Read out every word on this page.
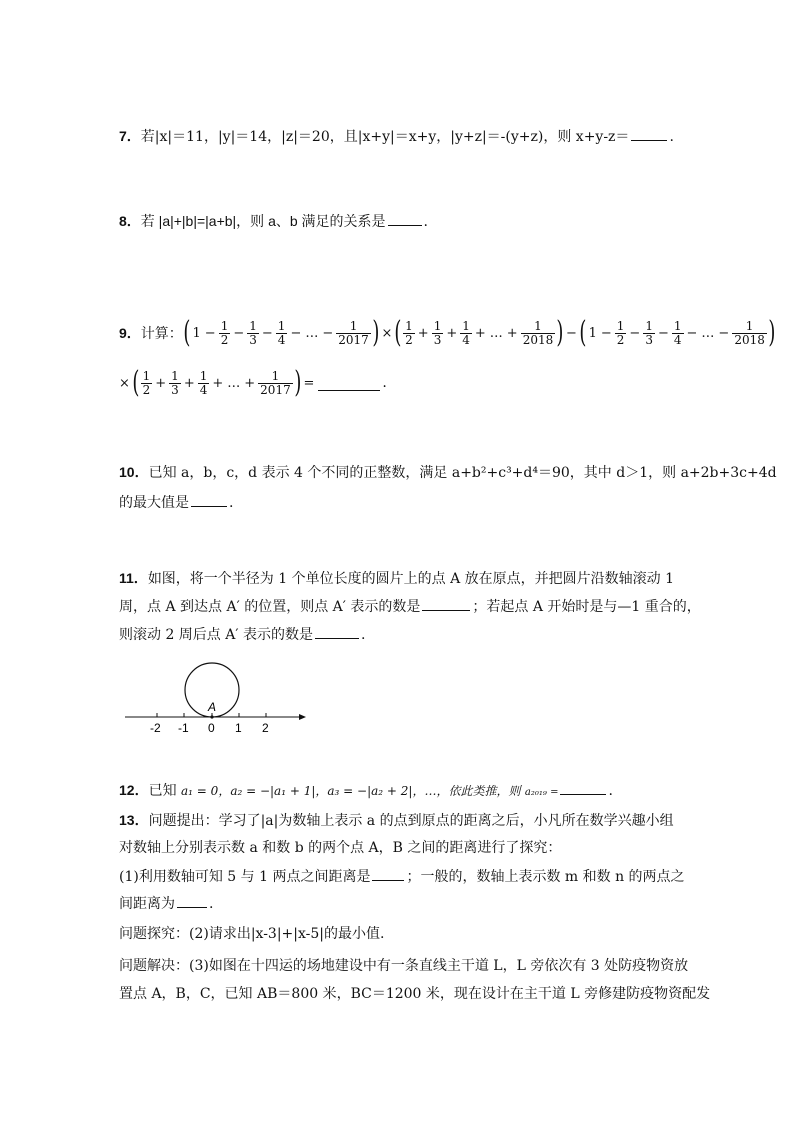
7．若|x|＝11，|y|＝14，|z|＝20，且|x+y|＝x+y，|y+z|＝-(y+z)，则 x+y-z＝	.
8．若 |a|+|b|=|a+b|，则 a、b 满足的关系是	.
9． 计算： ( $1 - \frac{1}{2} - \frac{1}{3} - \frac{1}{4}$ − … − $\frac{1}{2017}$ ) × ( $\frac{1}{2} + \frac{1}{3} + \frac{1}{4}$ + … + $\frac{1}{2018}$ ) − ( $1 - \frac{1}{2} - \frac{1}{3} - \frac{1}{4}$ − … − $\frac{1}{2018}$ )
× ( $\frac{1}{2} + \frac{1}{3} + \frac{1}{4}$ + … + $\frac{1}{2017}$ ) =	.
10．已知 a，b，c，d 表示 4 个不同的正整数，满足 a+b²+c³+d⁴＝90，其中 d＞1，则 a+2b+3c+4d
的最大值是	.
11．如图，将一个半径为 1 个单位长度的圆片上的点 A 放在原点，并把圆片沿数轴滚动 1
周，点 A 到达点 A′ 的位置，则点 A′ 表示的数是	；若起点 A 开始时是与—1 重合的，
则滚动 2 周后点 A′ 表示的数是	.
A
-2 -1 0 1 2
12．已知 a₁ = 0，a₂ = −|a₁ + 1|，a₃ = −|a₂ + 2|，…，依此类推，则 a₂₀₁₉ =	.
13．问题提出：学习了|a|为数轴上表示 a 的点到原点的距离之后，小凡所在数学兴趣小组
对数轴上分别表示数 a 和数 b 的两个点 A，B 之间的距离进行了探究：
(1)利用数轴可知 5 与 1 两点之间距离是	；一般的，数轴上表示数 m 和数 n 的两点之
间距离为 .
问题探究：(2)请求出|x-3|+|x-5|的最小值.
问题解决：(3)如图在十四运的场地建设中有一条直线主干道 L，L 旁依次有 3 处防疫物资放
置点 A，B，C，已知 AB＝800 米，BC＝1200 米，现在设计在主干道 L 旁修建防疫物资配发
